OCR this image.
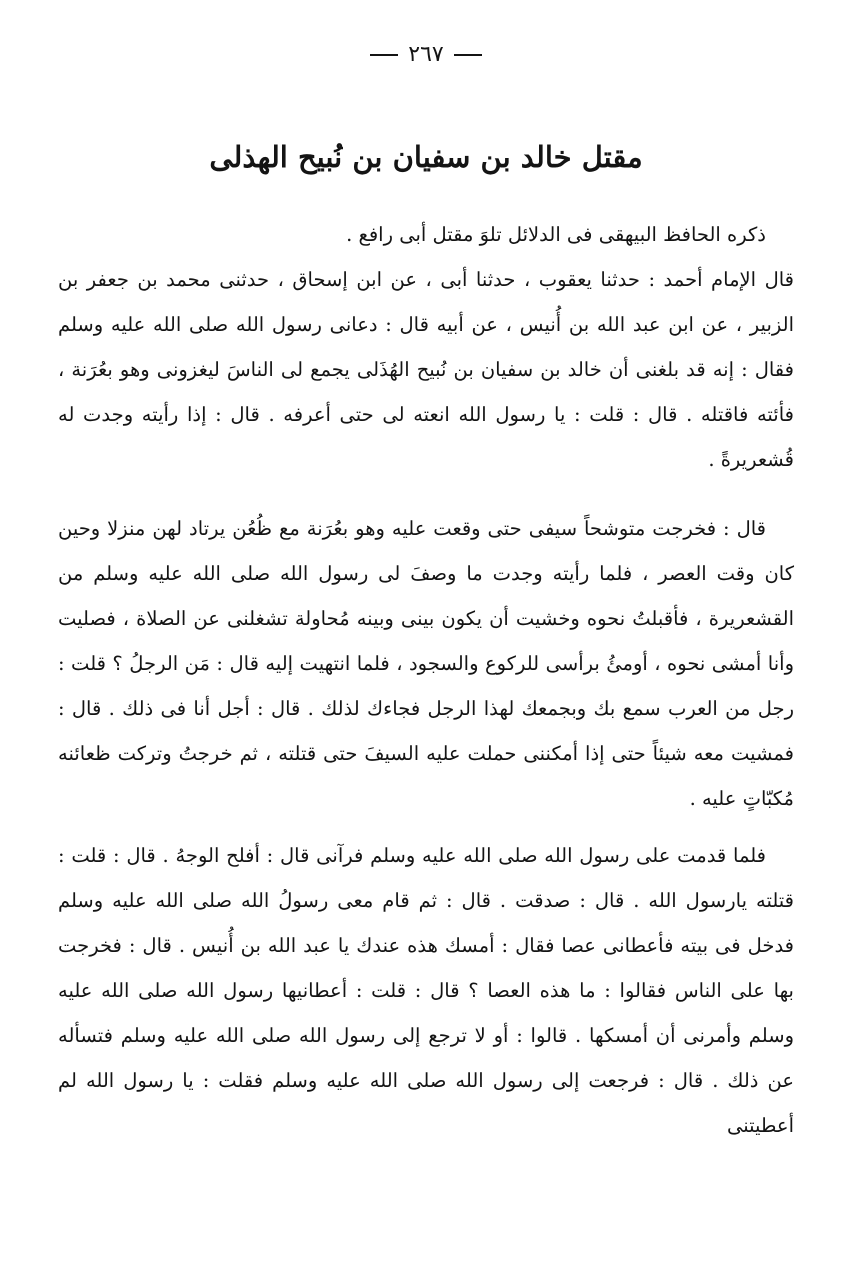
٢٦٧
مقتل خالد بن سفيان بن نُبيح الهذلى

ذكره الحافظ البيهقى فى الدلائل تلوَ مقتل أبى رافع .

قال الإمام أحمد : حدثنا يعقوب ، حدثنا أبى ، عن ابن إسحاق ، حدثنى محمد بن جعفر بن الزبير ، عن ابن عبد الله بن أُنيس ، عن أبيه قال : دعانى رسول الله صلى الله عليه وسلم فقال : إنه قد بلغنى أن خالد بن سفيان بن نُبيح الهُذَلى يجمع لى الناسَ ليغزونى وهو بعُرَنة ، فأئته فاقتله . قال : قلت : يا رسول الله انعته لى حتى أعرفه . قال : إذا رأيته وجدت له قُشعريرةً .

قال : فخرجت متوشحاً سيفى حتى وقعت عليه وهو بعُرَنة مع ظُعُن يرتاد لهن منزلا وحين كان وقت العصر ، فلما رأيته وجدت ما وصفَ لى رسول الله صلى الله عليه وسلم من القشعريرة ، فأقبلتُ نحوه وخشيت أن يكون بينى وبينه مُحاولة تشغلنى عن الصلاة ، فصليت وأنا أمشى نحوه ، أومئُ برأسى للركوع والسجود ، فلما انتهيت إليه قال : مَن الرجلُ ؟ قلت : رجل من العرب سمع بك وبجمعك لهذا الرجل فجاءك لذلك . قال : أجل أنا فى ذلك . قال : فمشيت معه شيئاً حتى إذا أمكننى حملت عليه السيفَ حتى قتلته ، ثم خرجتُ وتركت ظعائنه مُكبّاتٍ عليه .

فلما قدمت على رسول الله صلى الله عليه وسلم فرآنى قال : أفلح الوجهُ . قال : قلت : قتلته يارسول الله . قال : صدقت . قال : ثم قام معى رسولُ الله صلى الله عليه وسلم فدخل فى بيته فأعطانى عصا فقال : أمسك هذه عندك يا عبد الله بن أُنيس . قال : فخرجت بها على الناس فقالوا : ما هذه العصا ؟ قال : قلت : أعطانيها رسول الله صلى الله عليه وسلم وأمرنى أن أمسكها . قالوا : أو لا ترجع إلى رسول الله صلى الله عليه وسلم فتسأله عن ذلك . قال : فرجعت إلى رسول الله صلى الله عليه وسلم فقلت : يا رسول الله لم أعطيتنى
